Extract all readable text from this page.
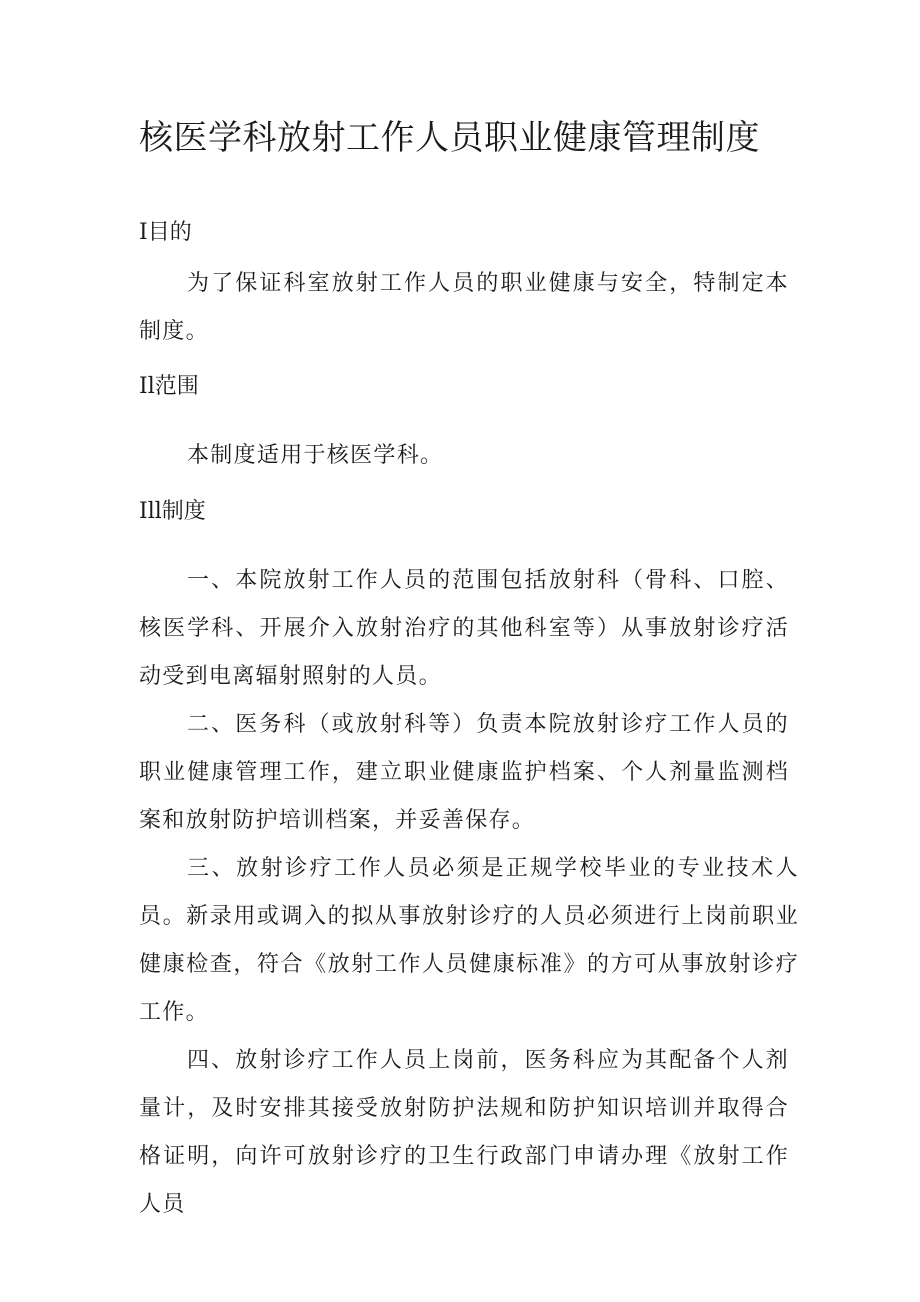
核医学科放射工作人员职业健康管理制度
I目的

为了保证科室放射工作人员的职业健康与安全，特制定本制度。

Il范围

本制度适用于核医学科。

Ill制度

一、本院放射工作人员的范围包括放射科（骨科、口腔、核医学科、开展介入放射治疗的其他科室等）从事放射诊疗活动受到电离辐射照射的人员。

二、医务科（或放射科等）负责本院放射诊疗工作人员的职业健康管理工作，建立职业健康监护档案、个人剂量监测档案和放射防护培训档案，并妥善保存。

三、放射诊疗工作人员必须是正规学校毕业的专业技术人员。新录用或调入的拟从事放射诊疗的人员必须进行上岗前职业健康检查，符合《放射工作人员健康标准》的方可从事放射诊疗工作。

四、放射诊疗工作人员上岗前，医务科应为其配备个人剂量计，及时安排其接受放射防护法规和防护知识培训并取得合格证明，向许可放射诊疗的卫生行政部门申请办理《放射工作人员
